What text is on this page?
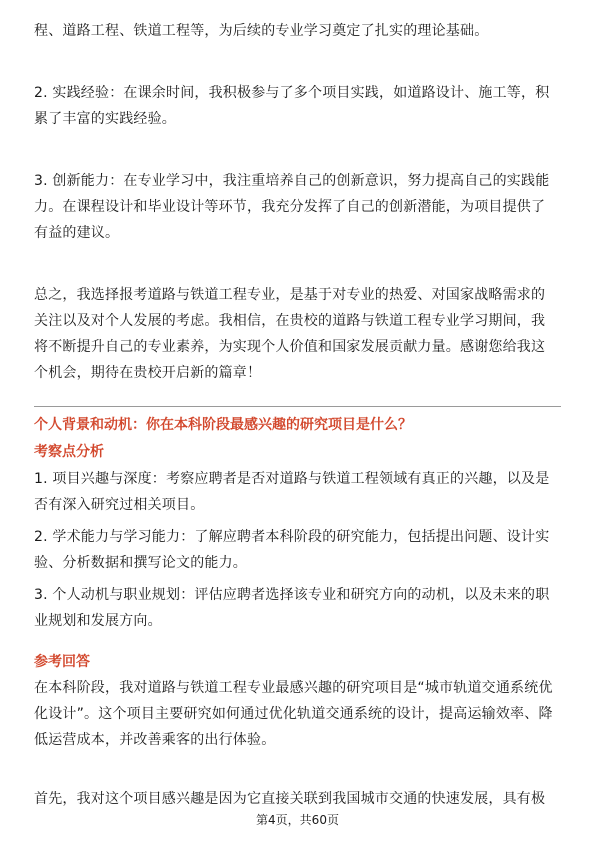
程、道路工程、铁道工程等，为后续的专业学习奠定了扎实的理论基础。

2. 实践经验：在课余时间，我积极参与了多个项目实践，如道路设计、施工等，积
累了丰富的实践经验。

3. 创新能力：在专业学习中，我注重培养自己的创新意识，努力提高自己的实践能
力。在课程设计和毕业设计等环节，我充分发挥了自己的创新潜能，为项目提供了
有益的建议。

总之，我选择报考道路与铁道工程专业，是基于对专业的热爱、对国家战略需求的
关注以及对个人发展的考虑。我相信，在贵校的道路与铁道工程专业学习期间，我
将不断提升自己的专业素养，为实现个人价值和国家发展贡献力量。感谢您给我这
个机会，期待在贵校开启新的篇章！

个人背景和动机：你在本科阶段最感兴趣的研究项目是什么？
考察点分析

1. 项目兴趣与深度：考察应聘者是否对道路与铁道工程领域有真正的兴趣，以及是
否有深入研究过相关项目。

2. 学术能力与学习能力：了解应聘者本科阶段的研究能力，包括提出问题、设计实
验、分析数据和撰写论文的能力。

3. 个人动机与职业规划：评估应聘者选择该专业和研究方向的动机，以及未来的职
业规划和发展方向。

参考回答

在本科阶段，我对道路与铁道工程专业最感兴趣的研究项目是“城市轨道交通系统优
化设计”。这个项目主要研究如何通过优化轨道交通系统的设计，提高运输效率、降
低运营成本，并改善乘客的出行体验。

首先，我对这个项目感兴趣是因为它直接关联到我国城市交通的快速发展，具有极

第4页，共60页
